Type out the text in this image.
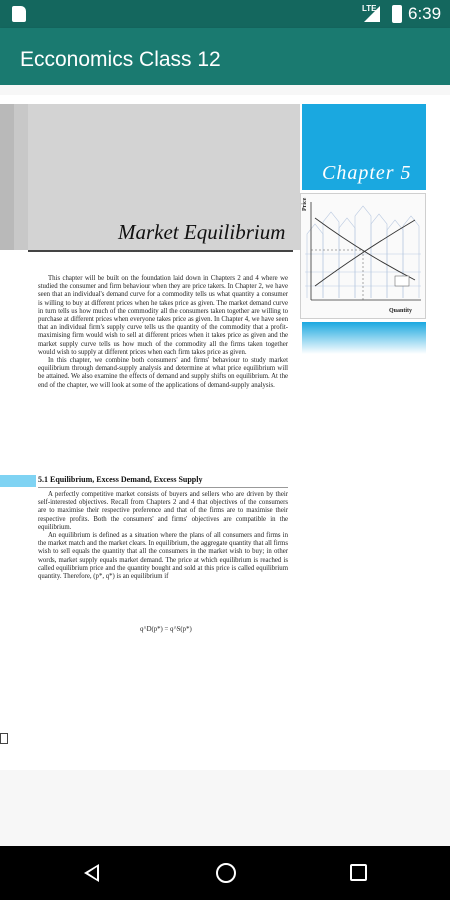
LTE 6:39
Ecconomics Class 12
Chapter 5
Price
Quantity
Market Equilibrium

This chapter will be built on the foundation laid down in Chapters 2 and 4 where we studied the consumer and firm behaviour when they are price takers. In Chapter 2, we have seen that an individual's demand curve for a commodity tells us what quantity a consumer is willing to buy at different prices when he takes price as given. The market demand curve in turn tells us how much of the commodity all the consumers taken together are willing to purchase at different prices when everyone takes price as given. In Chapter 4, we have seen that an individual firm's supply curve tells us the quantity of the commodity that a profit-maximising firm would wish to sell at different prices when it takes price as given and the market supply curve tells us how much of the commodity all the firms taken together would wish to supply at different prices when each firm takes price as given.

In this chapter, we combine both consumers' and firms' behaviour to study market equilibrium through demand-supply analysis and determine at what price equilibrium will be attained. We also examine the effects of demand and supply shifts on equilibrium. At the end of the chapter, we will look at some of the applications of demand-supply analysis.

5.1 Equilibrium, Excess Demand, Excess Supply

A perfectly competitive market consists of buyers and sellers who are driven by their self-interested objectives. Recall from Chapters 2 and 4 that objectives of the consumers are to maximise their respective preference and that of the firms are to maximise their respective profits. Both the consumers' and firms' objectives are compatible in the equilibrium.

An equilibrium is defined as a situation where the plans of all consumers and firms in the market match and the market clears. In equilibrium, the aggregate quantity that all firms wish to sell equals the quantity that all the consumers in the market wish to buy; in other words, market supply equals market demand. The price at which equilibrium is reached is called equilibrium price and the quantity bought and sold at this price is called equilibrium quantity. Therefore, (p*, q*) is an equilibrium if

q^D(p*) = q^S(p*)
